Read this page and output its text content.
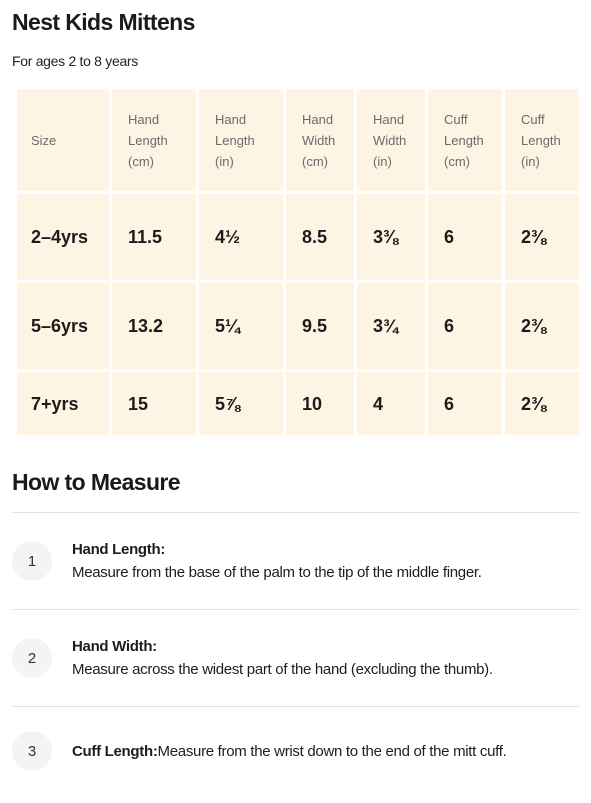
Nest Kids Mittens

For ages 2 to 8 years

Size	Hand Length (cm)	Hand Length (in)	Hand Width (cm)	Hand Width (in)	Cuff Length (cm)	Cuff Length (in)

2–4yrs	11.5	4½	8.5	3⅜	6	2⅜

5–6yrs	13.2	5¼	9.5	3¾	6	2⅜

7+yrs	15	5⅞	10	4	6	2⅜
How to Measure
1
Hand Length:
Measure from the base of the palm to the tip of the middle finger.
2
Hand Width:
Measure across the widest part of the hand (excluding the thumb).
3	Cuff Length:Measure from the wrist down to the end of the mitt cuff.
